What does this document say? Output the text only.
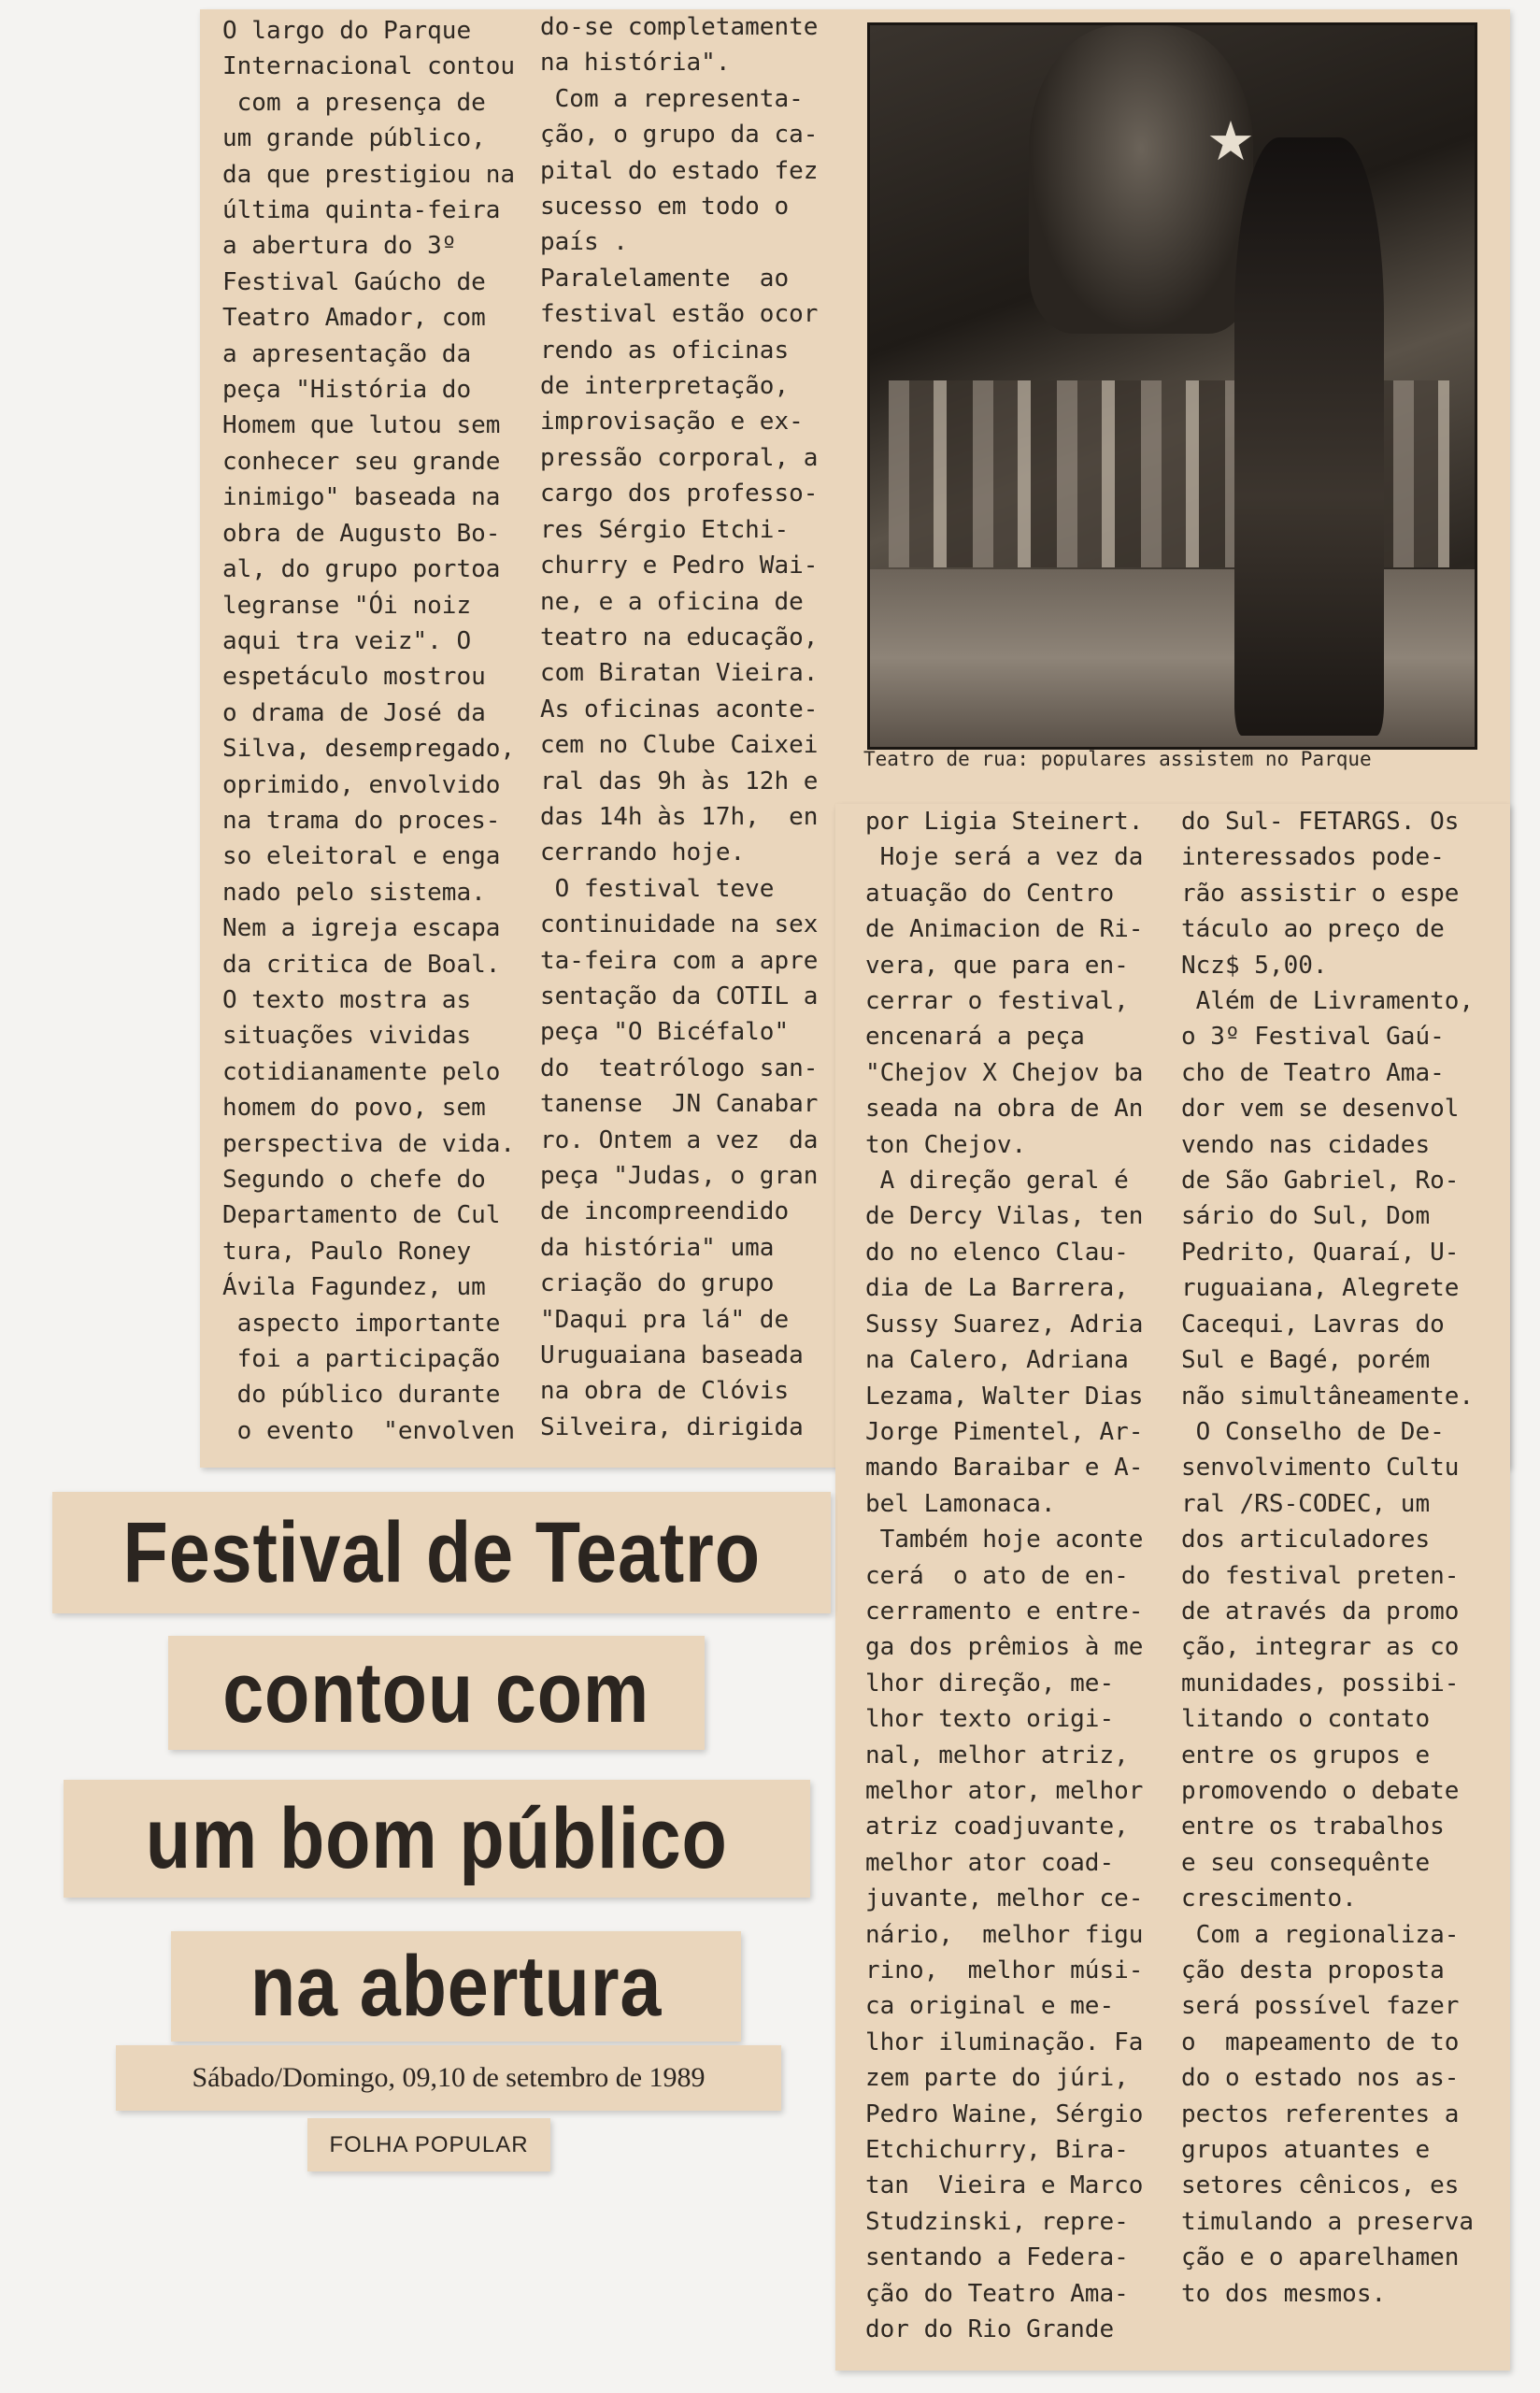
O largo do Parque
Internacional contou
com a presença de
um grande público,
da que prestigiou na
última quinta-feira
a abertura do 3º
Festival Gaúcho de
Teatro Amador, com
a apresentação da
peça "História do
Homem que lutou sem
conhecer seu grande
inimigo" baseada na
obra de Augusto Bo-
al, do grupo portoa
legranse "Ói noiz
aqui tra veiz". O
espetáculo mostrou
o drama de José da
Silva, desempregado,
oprimido, envolvido
na trama do proces-
so eleitoral e enga
nado pelo sistema.
Nem a igreja escapa
da critica de Boal.
O texto mostra as
situações vividas
cotidianamente pelo
homem do povo, sem
perspectiva de vida.
Segundo o chefe do
Departamento de Cul
tura, Paulo Roney
Ávila Fagundez, um
aspecto importante
foi a participação
do público durante
o evento  "envolven
do-se completamente
na história".
Com a representa-
ção, o grupo da ca-
pital do estado fez
sucesso em todo o
país .
Paralelamente  ao
festival estão ocor
rendo as oficinas
de interpretação,
improvisação e ex-
pressão corporal, a
cargo dos professo-
res Sérgio Etchi-
churry e Pedro Wai-
ne, e a oficina de
teatro na educação,
com Biratan Vieira.
As oficinas aconte-
cem no Clube Caixei
ral das 9h às 12h e
das 14h às 17h,  en
cerrando hoje.
O festival teve
continuidade na sex
ta-feira com a apre
sentação da COTIL a
peça "O Bicéfalo"
do  teatrólogo san-
tanense  JN Canabar
ro. Ontem a vez  da
peça "Judas, o gran
de incompreendido
da história" uma
criação do grupo
"Daqui pra lá" de
Uruguaiana baseada
na obra de Clóvis
Silveira, dirigida
por Ligia Steinert.
Hoje será a vez da
atuação do Centro
de Animacion de Ri-
vera, que para en-
cerrar o festival,
encenará a peça
"Chejov X Chejov ba
seada na obra de An
ton Chejov.
A direção geral é
de Dercy Vilas, ten
do no elenco Clau-
dia de La Barrera,
Sussy Suarez, Adria
na Calero, Adriana
Lezama, Walter Dias
Jorge Pimentel, Ar-
mando Baraibar e A-
bel Lamonaca.
Também hoje aconte
cerá  o ato de en-
cerramento e entre-
ga dos prêmios à me
lhor direção, me-
lhor texto origi-
nal, melhor atriz,
melhor ator, melhor
atriz coadjuvante,
melhor ator coad-
juvante, melhor ce-
nário,  melhor figu
rino,  melhor músi-
ca original e me-
lhor iluminação. Fa
zem parte do júri,
Pedro Waine, Sérgio
Etchichurry, Bira-
tan  Vieira e Marco
Studzinski, repre-
sentando a Federa-
ção do Teatro Ama-
dor do Rio Grande
do Sul- FETARGS. Os
interessados pode-
rão assistir o espe
táculo ao preço de
Ncz$ 5,00.
Além de Livramento,
o 3º Festival Gaú-
cho de Teatro Ama-
dor vem se desenvol
vendo nas cidades
de São Gabriel, Ro-
sário do Sul, Dom
Pedrito, Quaraí, U-
ruguaiana, Alegrete
Cacequi, Lavras do
Sul e Bagé, porém
não simultâneamente.
O Conselho de De-
senvolvimento Cultu
ral /RS-CODEC, um
dos articuladores
do festival preten-
de através da promo
ção, integrar as co
munidades, possibi-
litando o contato
entre os grupos e
promovendo o debate
entre os trabalhos
e seu consequênte
crescimento.
Com a regionaliza-
ção desta proposta
será possível fazer
o  mapeamento de to
do o estado nos as-
pectos referentes a
grupos atuantes e
setores cênicos, es
timulando a preserva
ção e o aparelhamen
to dos mesmos.
★
Teatro de rua: populares assistem no Parque
Festival de Teatro
contou com
um bom público
na abertura
Sábado/Domingo, 09,10 de setembro de 1989
FOLHA POPULAR
